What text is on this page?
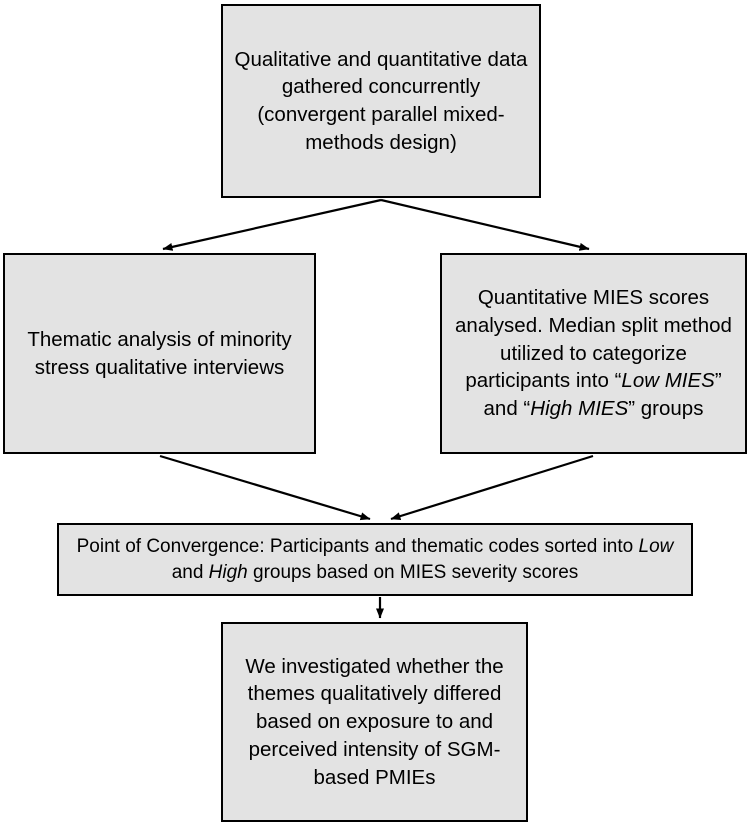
Qualitative and quantitative data gathered concurrently (convergent parallel mixed-methods design)
Thematic analysis of minority stress qualitative interviews
Quantitative MIES scores analysed. Median split method utilized to categorize participants into “Low MIES” and “High MIES” groups
Point of Convergence: Participants and thematic codes sorted into Low and High groups based on MIES severity scores
We investigated whether the themes qualitatively differed based on exposure to and perceived intensity of SGM-based PMIEs
